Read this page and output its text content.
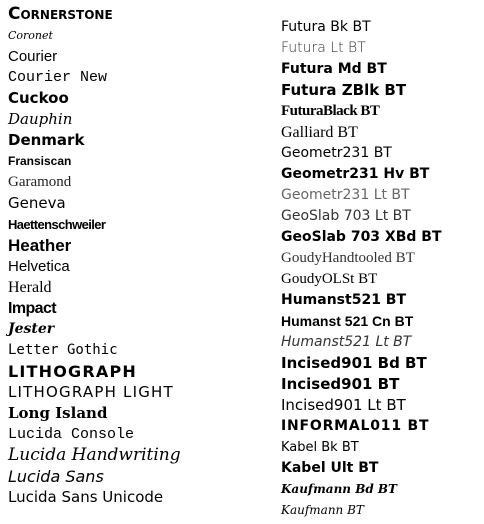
Cornerstone
Coronet
Courier
Courier New
Cuckoo
Dauphin
Denmark
Fransiscan
Garamond
Geneva
Haettenschweiler
Heather
Helvetica
Herald
Impact
Jester
Letter Gothic
LITHOGRAPH
LITHOGRAPH LIGHT
Long Island
Lucida Console
Lucida Handwriting
Lucida Sans
Lucida Sans Unicode
Futura Bk BT
Futura Lt BT
Futura Md BT
Futura ZBlk BT
FuturaBlack BT
Galliard BT
Geometr231 BT
Geometr231 Hv BT
Geometr231 Lt BT
GeoSlab 703 Lt BT
GeoSlab 703 XBd BT
GoudyHandtooled BT
GoudyOLSt BT
Humanst521 BT
Humanst 521 Cn BT
Humanst521 Lt BT
Incised901 Bd BT
Incised901 BT
Incised901 Lt BT
INFORMAL011 BT
Kabel Bk BT
Kabel Ult BT
Kaufmann Bd BT
Kaufmann BT
